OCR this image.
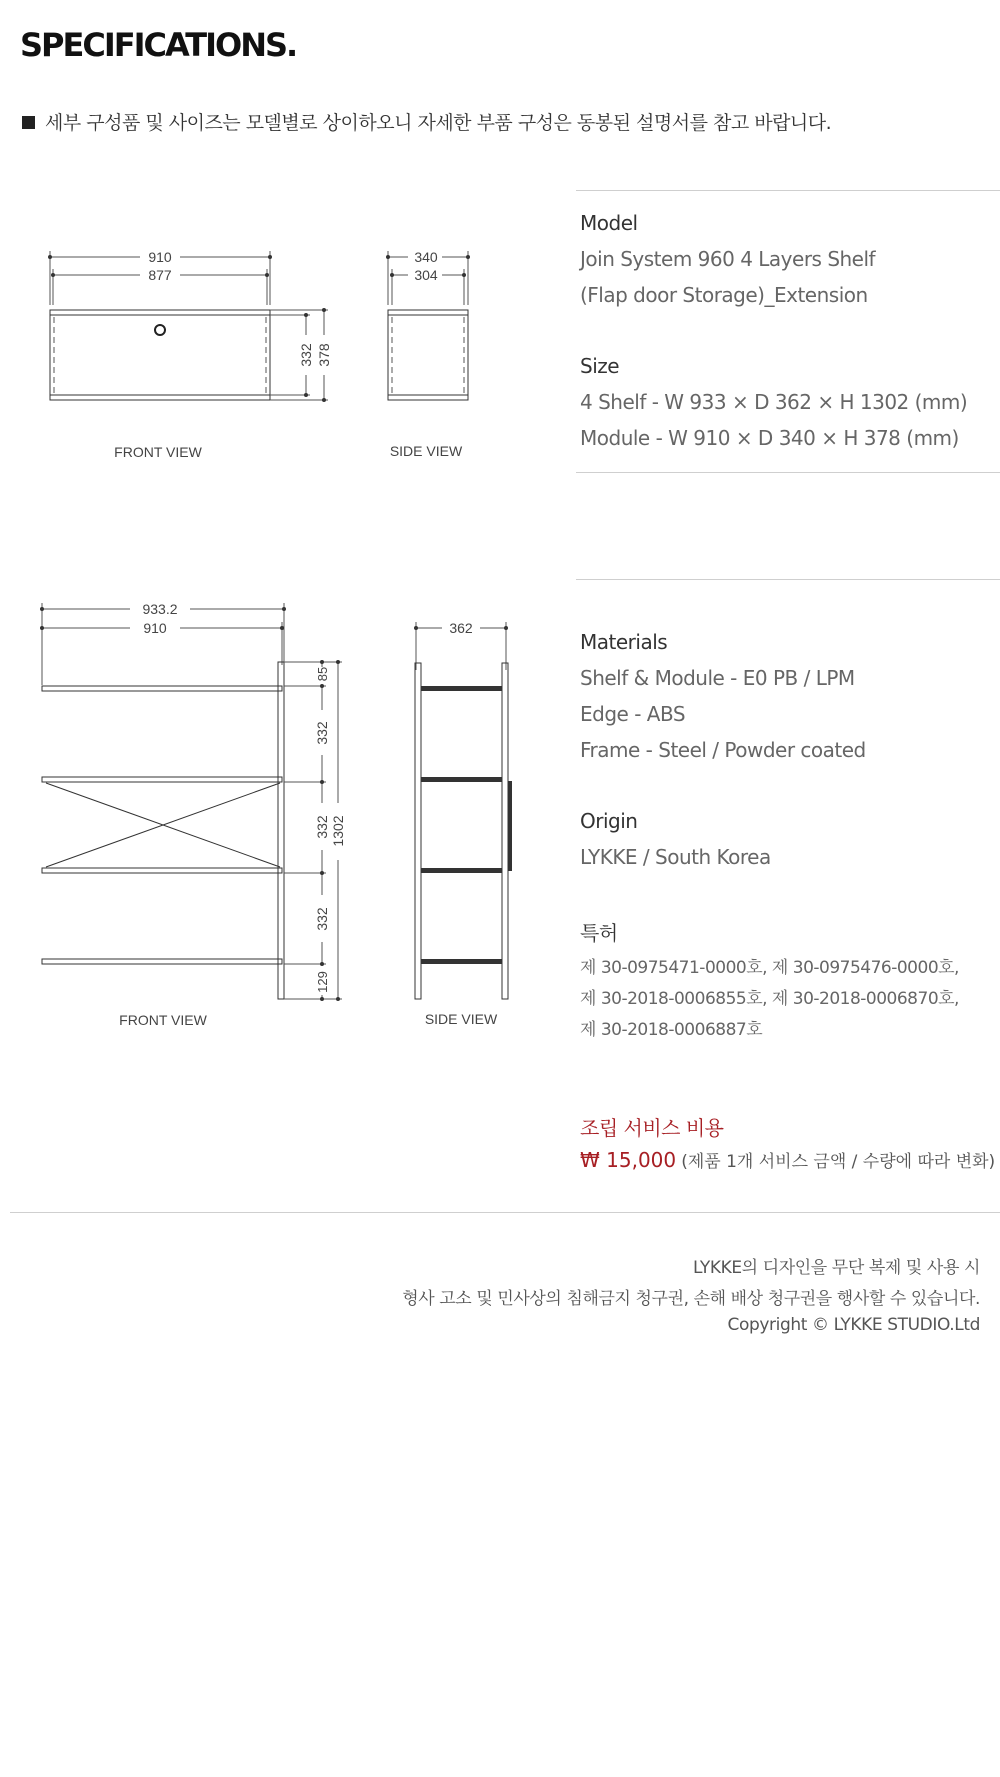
SPECIFICATIONS.
세부 구성품 및 사이즈는 모델별로 상이하오니 자세한 부품 구성은 동봉된 설명서를 참고 바랍니다.
910
877
332 378
340
304
FRONT VIEW	SIDE VIEW
933.2
910
85
332
332
332
129
1302
362
FRONT VIEW	SIDE VIEW
Model
Join System 960 4 Layers Shelf
(Flap door Storage)_Extension
Size
4 Shelf - W 933 × D 362 × H 1302 (mm)
Module - W 910 × D 340 × H 378 (mm)
Materials
Shelf & Module - E0 PB / LPM
Edge - ABS
Frame - Steel / Powder coated
Origin
LYKKE / South Korea
특허
제 30-0975471-0000호, 제 30-0975476-0000호,
제 30-2018-0006855호, 제 30-2018-0006870호,
제 30-2018-0006887호
조립 서비스 비용
₩ 15,000 (제품 1개 서비스 금액 / 수량에 따라 변화)
LYKKE의 디자인을 무단 복제 및 사용 시
형사 고소 및 민사상의 침해금지 청구권, 손해 배상 청구권을 행사할 수 있습니다.
Copyright © LYKKE STUDIO.Ltd
